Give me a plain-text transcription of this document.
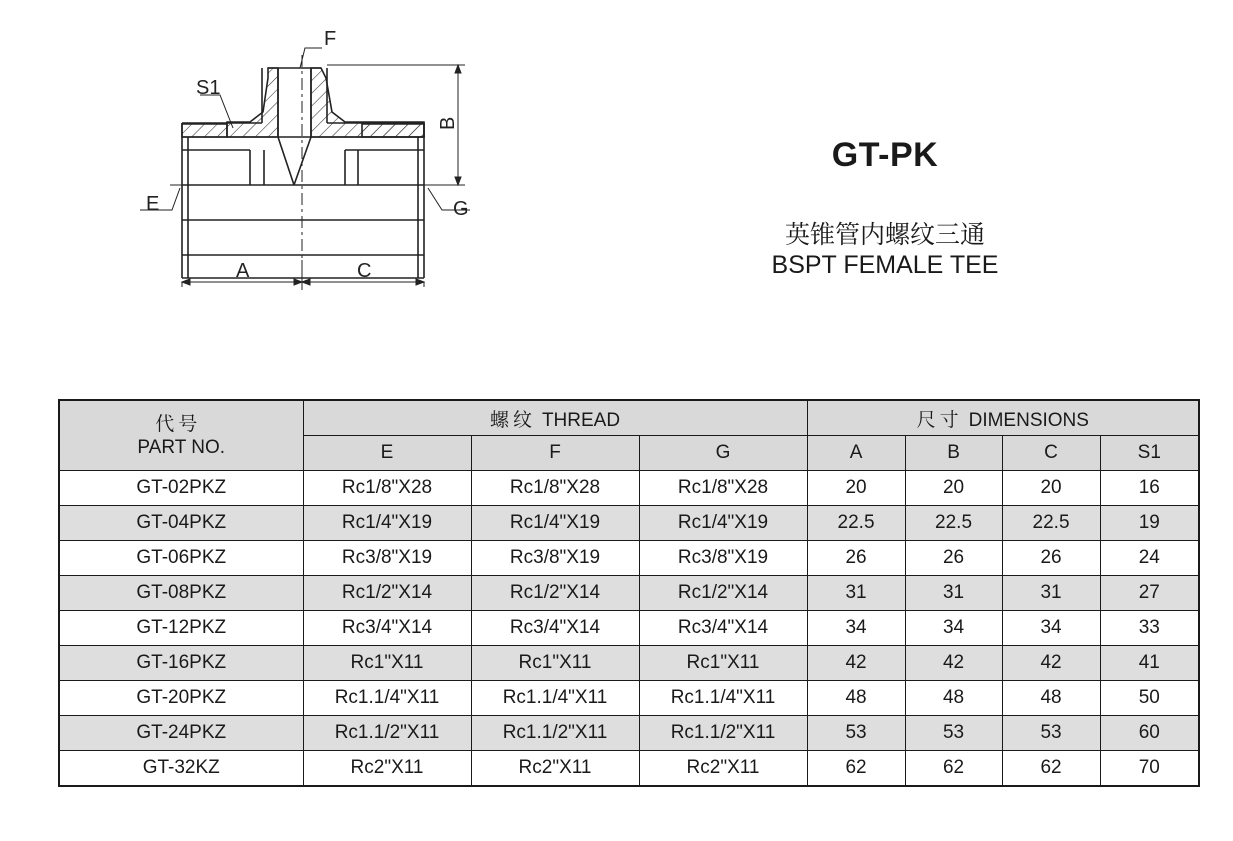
F
S1
B
E	G
A	C
GT-PK
英锥管内螺纹三通
BSPT FEMALE TEE
代号
PART NO.	螺纹 THREAD			尺寸 DIMENSIONS			
	E	F	G	A	B	C	S1
GT-02PKZ	Rc1/8"X28	Rc1/8"X28	Rc1/8"X28	20	20	20	16
GT-04PKZ	Rc1/4"X19	Rc1/4"X19	Rc1/4"X19	22.5	22.5	22.5	19
GT-06PKZ	Rc3/8"X19	Rc3/8"X19	Rc3/8"X19	26	26	26	24
GT-08PKZ	Rc1/2"X14	Rc1/2"X14	Rc1/2"X14	31	31	31	27
GT-12PKZ	Rc3/4"X14	Rc3/4"X14	Rc3/4"X14	34	34	34	33
GT-16PKZ	Rc1"X11	Rc1"X11	Rc1"X11	42	42	42	41
GT-20PKZ	Rc1.1/4"X11	Rc1.1/4"X11	Rc1.1/4"X11	48	48	48	50
GT-24PKZ	Rc1.1/2"X11	Rc1.1/2"X11	Rc1.1/2"X11	53	53	53	60
GT-32KZ	Rc2"X11	Rc2"X11	Rc2"X11	62	62	62	70
